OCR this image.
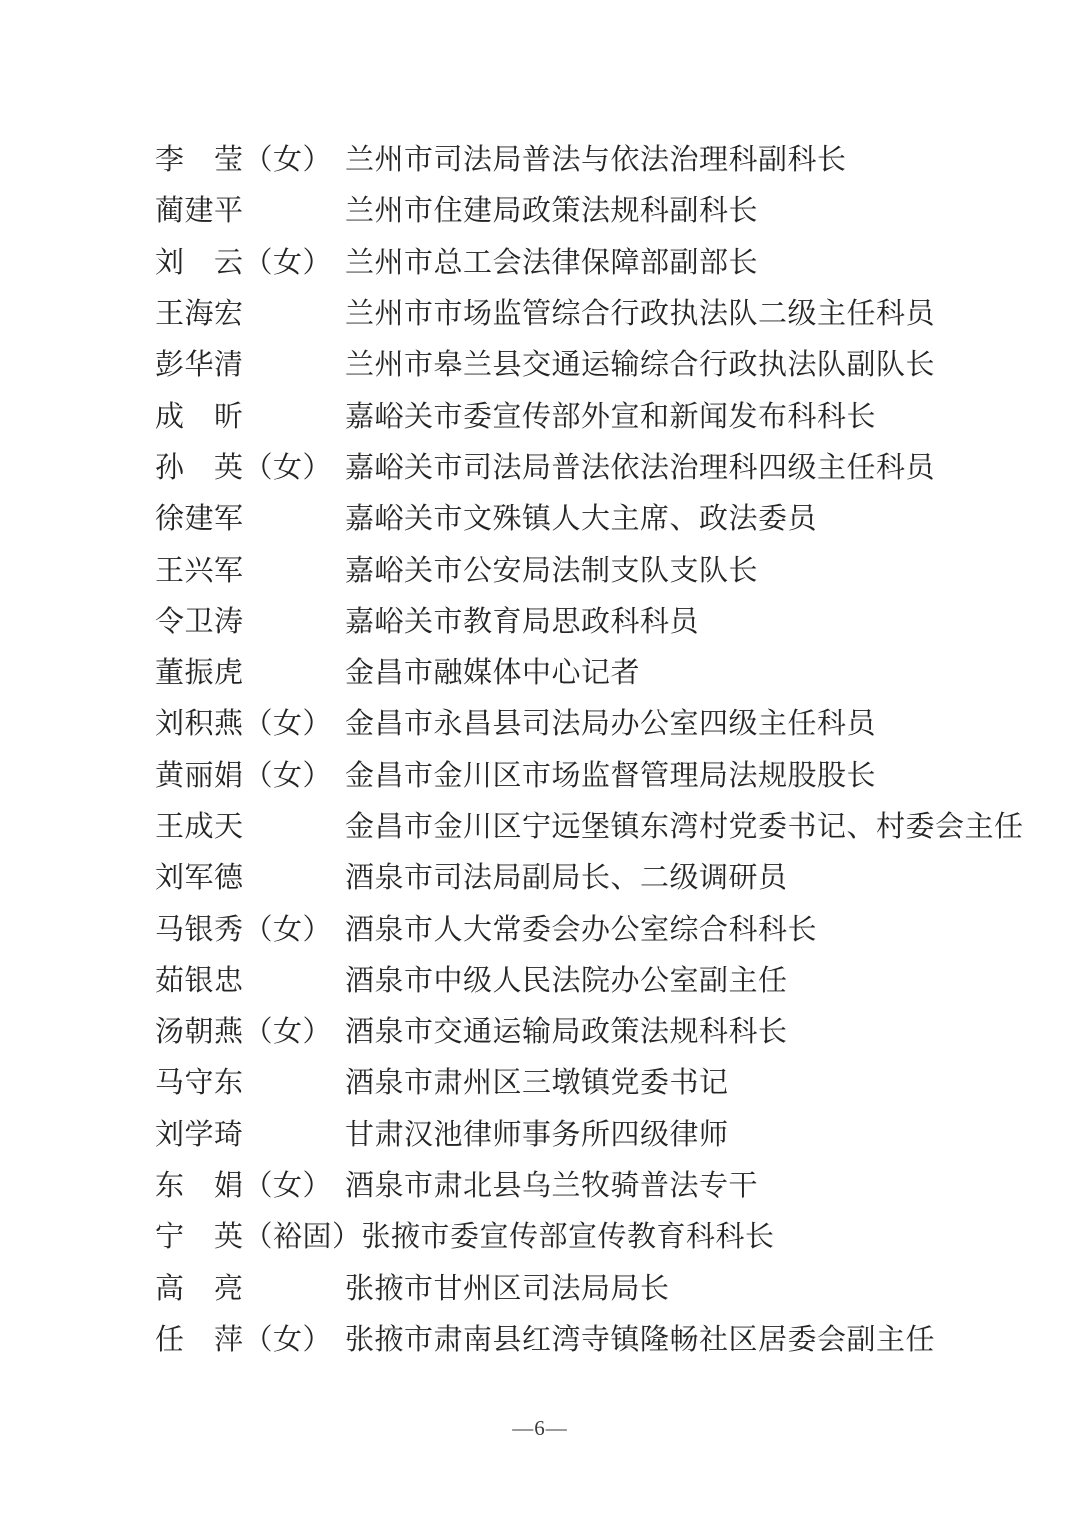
李　莹（女） 兰州市司法局普法与依法治理科副科长
蔺建平	兰州市住建局政策法规科副科长
刘　云（女） 兰州市总工会法律保障部副部长
王海宏	兰州市市场监管综合行政执法队二级主任科员
彭华清	兰州市皋兰县交通运输综合行政执法队副队长
成　昕	嘉峪关市委宣传部外宣和新闻发布科科长
孙　英（女） 嘉峪关市司法局普法依法治理科四级主任科员
徐建军	嘉峪关市文殊镇人大主席、政法委员
王兴军	嘉峪关市公安局法制支队支队长
令卫涛	嘉峪关市教育局思政科科员
董振虎	金昌市融媒体中心记者
刘积燕（女） 金昌市永昌县司法局办公室四级主任科员
黄丽娟（女） 金昌市金川区市场监督管理局法规股股长
王成天	金昌市金川区宁远堡镇东湾村党委书记、村委会主任
刘军德	酒泉市司法局副局长、二级调研员
马银秀（女） 酒泉市人大常委会办公室综合科科长
茹银忠	酒泉市中级人民法院办公室副主任
汤朝燕（女） 酒泉市交通运输局政策法规科科长
马守东	酒泉市肃州区三墩镇党委书记
刘学琦	甘肃汉池律师事务所四级律师
东　娟（女） 酒泉市肃北县乌兰牧骑普法专干
宁　英（裕固） 张掖市委宣传部宣传教育科科长
高　亮	张掖市甘州区司法局局长
任　萍（女） 张掖市肃南县红湾寺镇隆畅社区居委会副主任
—6—
